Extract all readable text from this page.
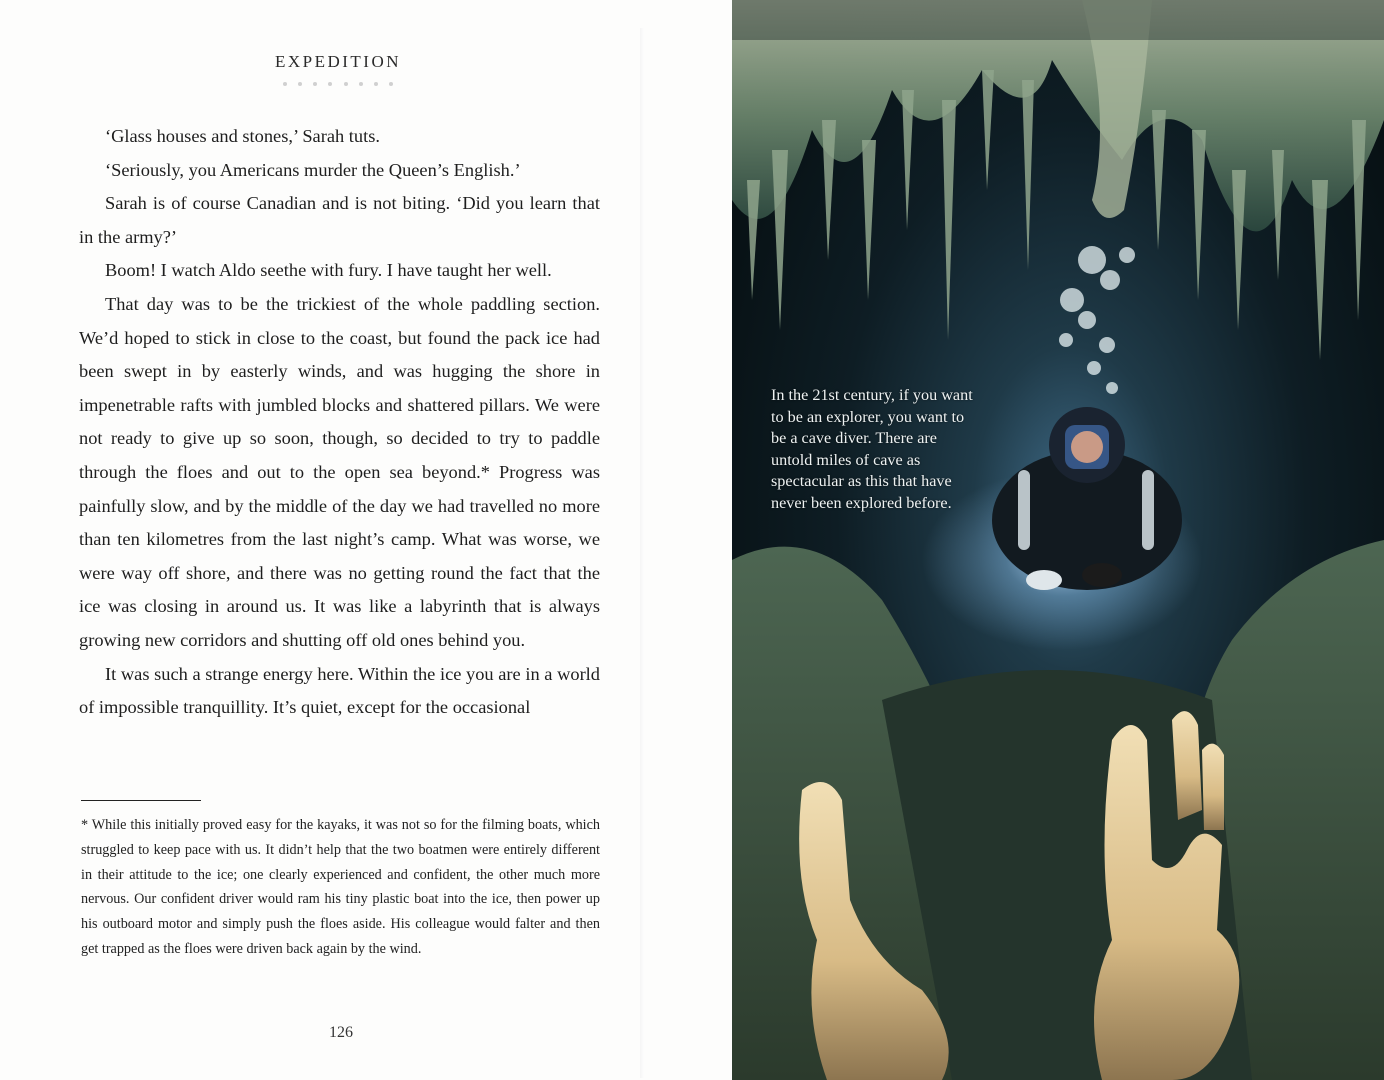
EXPEDITION

‘Glass houses and stones,’ Sarah tuts.

‘Seriously, you Americans murder the Queen’s English.’

Sarah is of course Canadian and is not biting. ‘Did you learn that in the army?’

Boom! I watch Aldo seethe with fury. I have taught her well.

That day was to be the trickiest of the whole paddling section. We’d hoped to stick in close to the coast, but found the pack ice had been swept in by easterly winds, and was hugging the shore in impenetrable rafts with jumbled blocks and shattered pillars. We were not ready to give up so soon, though, so decided to try to paddle through the floes and out to the open sea beyond.* Progress was painfully slow, and by the middle of the day we had travelled no more than ten kilometres from the last night’s camp. What was worse, we were way off shore, and there was no getting round the fact that the ice was closing in around us. It was like a labyrinth that is always growing new corridors and shutting off old ones behind you.

It was such a strange energy here. Within the ice you are in a world of impossible tranquillity. It’s quiet, except for the occasional

* While this initially proved easy for the kayaks, it was not so for the filming boats, which struggled to keep pace with us. It didn’t help that the two boatmen were entirely different in their attitude to the ice; one clearly experienced and confident, the other much more nervous. Our confident driver would ram his tiny plastic boat into the ice, then power up his outboard motor and simply push the floes aside. His colleague would falter and then get trapped as the floes were driven back again by the wind.

126

In the 21st century, if you want to be an explorer, you want to be a cave diver. There are untold miles of cave as spectacular as this that have never been explored before.
